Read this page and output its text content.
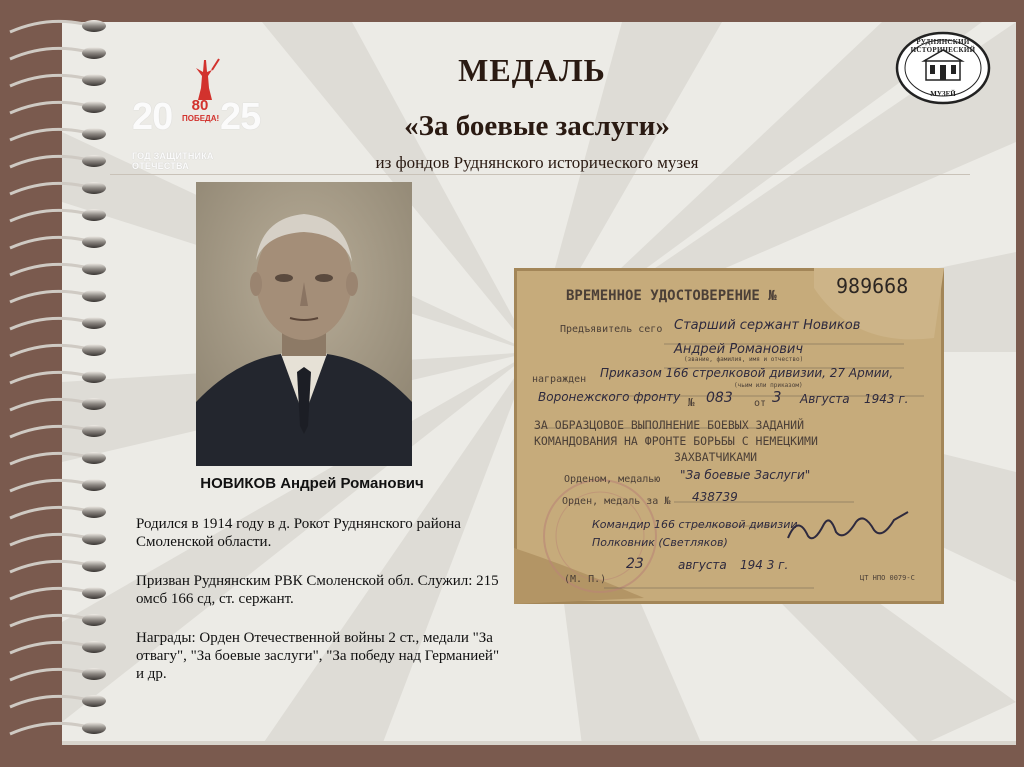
МЕДАЛЬ
«За боевые заслуги»
из фондов Руднянского исторического музея
20	80
ПОБЕДА! 25
ГОД ЗАЩИТНИКА ОТЕЧЕСТВА
РУДНЯНСКИЙ ИСТОРИЧЕСКИЙ
МУЗЕЙ
НОВИКОВ Андрей Романович
Родился в 1914 году в д. Рокот Руднянского района Смоленской области.
Призван Руднянским РВК Смоленской обл. Служил: 215 омсб 166 сд, ст. сержант.
Награды: Орден Отечественной войны 2 ст., медали "За отвагу", "За боевые заслуги", "За победу над Германией" и др.
ВРЕМЕННОЕ УДОСТОВЕРЕНИЕ №	989668
Предъявитель сего Старший сержант Новиков
Андрей Романович
(звание, фамилия, имя и отчество)
награжден Приказом 166 стрелковой дивизии, 27 Армии,
(чьим или приказом)
Воронежского фронту № 083 от 3 Августа 1943 г.
ЗА ОБРАЗЦОВОЕ ВЫПОЛНЕНИЕ БОЕВЫХ ЗАДАНИЙ
КОМАНДОВАНИЯ НА ФРОНТЕ БОРЬБЫ С НЕМЕЦКИМИ
ЗАХВАТЧИКАМИ
Орденом, медалью "За боевые Заслуги"
Орден, медаль за № 438739
Командир 166 стрелковой дивизии
Полковник (Светляков)
(М. П.)
23	августа 194 3 г.
ЦТ НПО 0079-С
